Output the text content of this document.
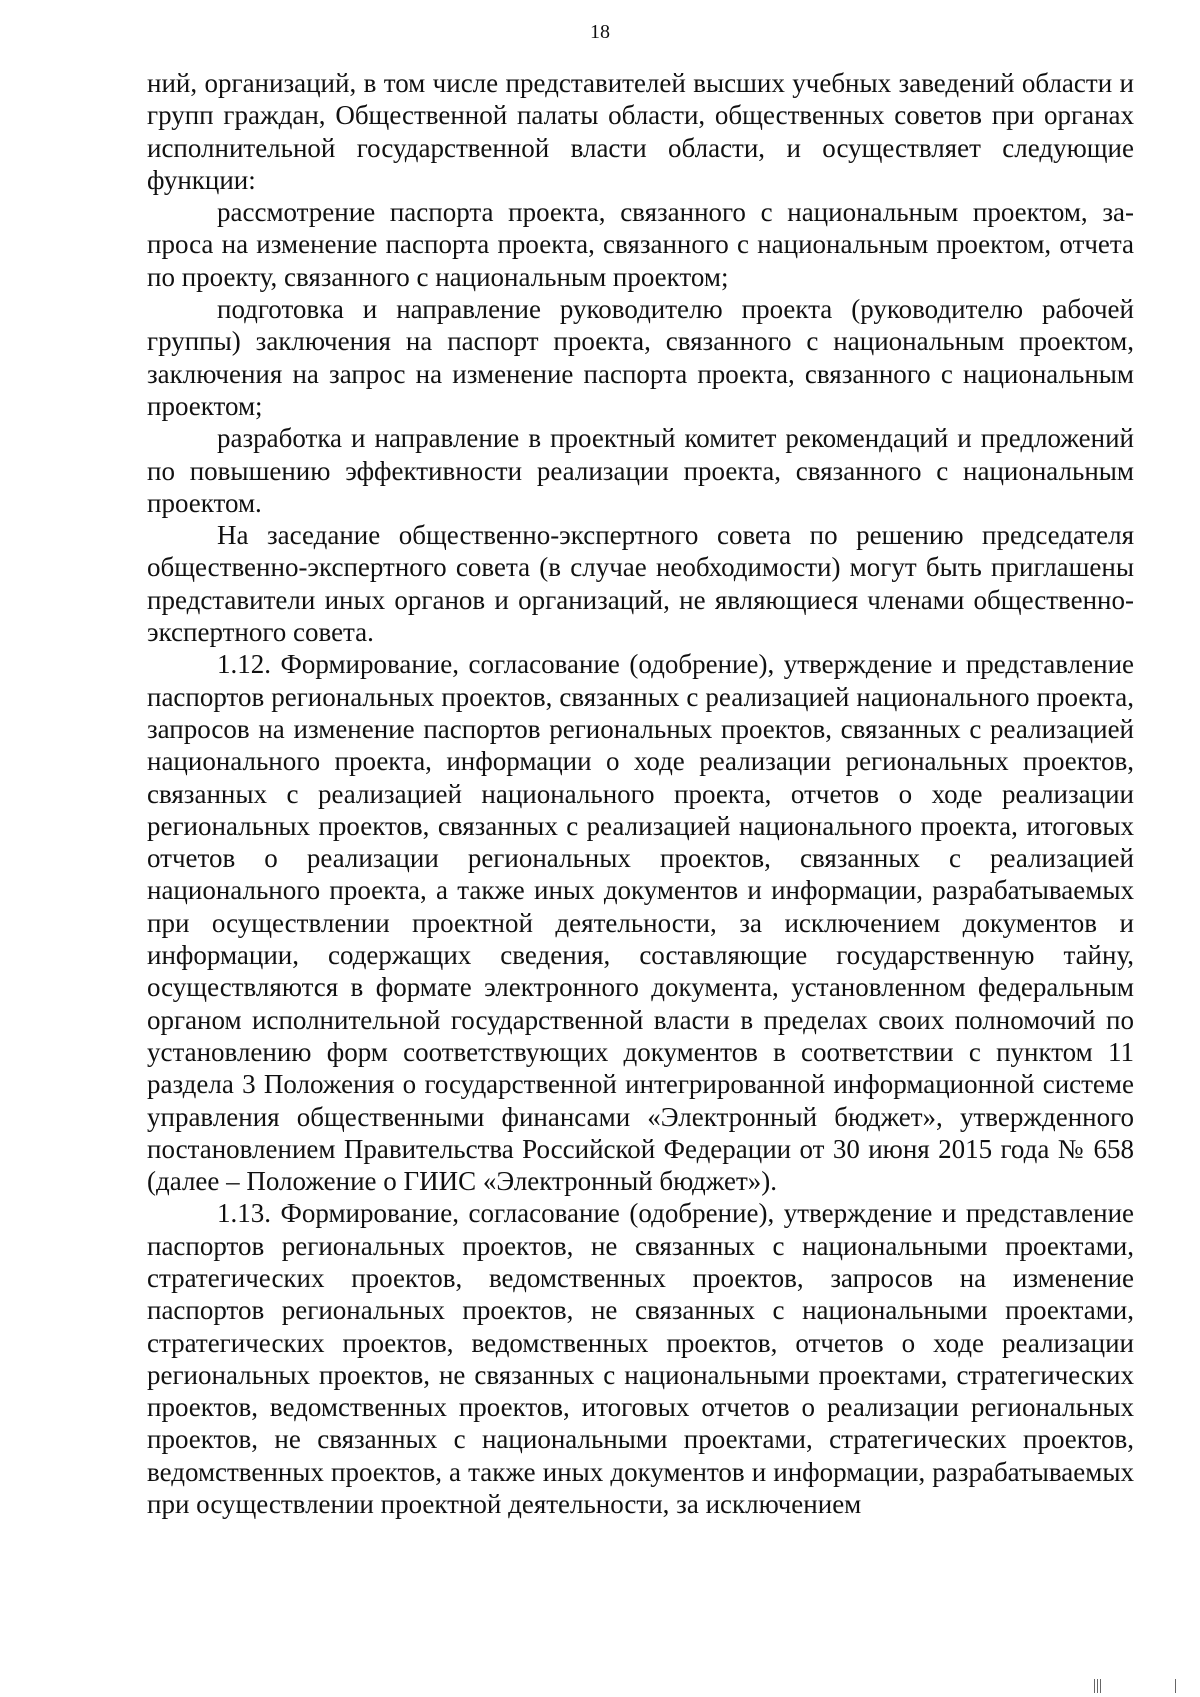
18

ний, организаций, в том числе представителей высших учебных заведений области и групп граждан, Общественной палаты области, общественных советов при органах исполнительной государственной власти области, и осуществляет следующие функции:

рассмотрение паспорта проекта, связанного с национальным проектом, запроса на изменение паспорта проекта, связанного с национальным проектом, отчета по проекту, связанного с национальным проектом;

подготовка и направление руководителю проекта (руководителю рабочей группы) заключения на паспорт проекта, связанного с национальным проектом, заключения на запрос на изменение паспорта проекта, связанного с национальным проектом;

разработка и направление в проектный комитет рекомендаций и предложений по повышению эффективности реализации проекта, связанного с национальным проектом.

На заседание общественно-экспертного совета по решению председателя общественно-экспертного совета (в случае необходимости) могут быть приглашены представители иных органов и организаций, не являющиеся членами общественно-экспертного совета.

1.12. Формирование, согласование (одобрение), утверждение и представление паспортов региональных проектов, связанных с реализацией национального проекта, запросов на изменение паспортов региональных проектов, связанных с реализацией национального проекта, информации о ходе реализации региональных проектов, связанных с реализацией национального проекта, отчетов о ходе реализации региональных проектов, связанных с реализацией национального проекта, итоговых отчетов о реализации региональных проектов, связанных с реализацией национального проекта, а также иных документов и информации, разрабатываемых при осуществлении проектной деятельности, за исключением документов и информации, содержащих сведения, составляющие государственную тайну, осуществляются в формате электронного документа, установленном федеральным органом исполнительной государственной власти в пределах своих полномочий по установлению форм соответствующих документов в соответствии с пунктом 11 раздела 3 Положения о государственной интегрированной информационной системе управления общественными финансами «Электронный бюджет», утвержденного постановлением Правительства Российской Федерации от 30 июня 2015 года № 658 (далее – Положение о ГИИС «Электронный бюджет»).

1.13. Формирование, согласование (одобрение), утверждение и представление паспортов региональных проектов, не связанных с национальными проектами, стратегических проектов, ведомственных проектов, запросов на изменение паспортов региональных проектов, не связанных с национальными проектами, стратегических проектов, ведомственных проектов, отчетов о ходе реализации региональных проектов, не связанных с национальными проектами, стратегических проектов, ведомственных проектов, итоговых отчетов о реализации региональных проектов, не связанных с национальными проектами, стратегических проектов, ведомственных проектов, а также иных документов и информации, разрабатываемых при осуществлении проектной деятельности, за исключением
